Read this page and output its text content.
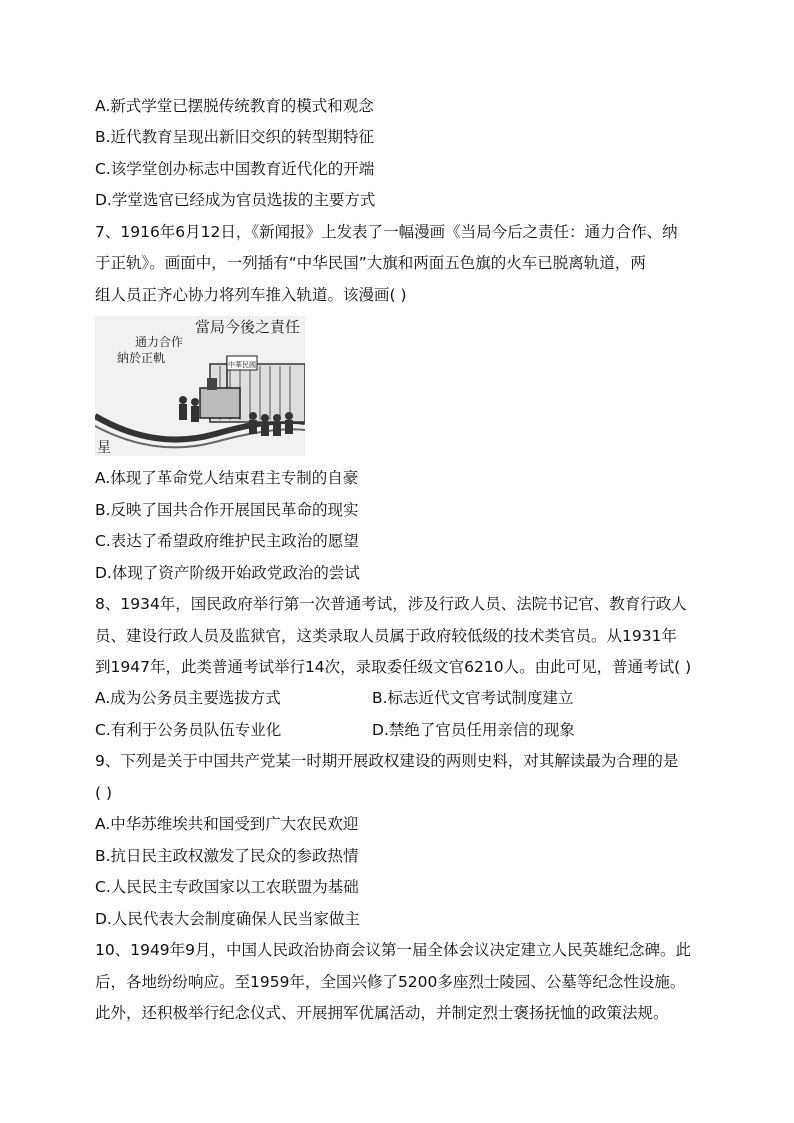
A.新式学堂已摆脱传统教育的模式和观念
B.近代教育呈现出新旧交织的转型期特征
C.该学堂创办标志中国教育近代化的开端
D.学堂选官已经成为官员选拔的主要方式
7、1916年6月12日，《新闻报》上发表了一幅漫画《当局今后之责任：通力合作、纳
于正轨》。画面中，一列插有“中华民国”大旗和两面五色旗的火车已脱离轨道，两
组人员正齐心协力将列车推入轨道。该漫画( )
當局今後之責任
通力合作
納於正軌	中華民國
星
A.体现了革命党人结束君主专制的自豪
B.反映了国共合作开展国民革命的现实
C.表达了希望政府维护民主政治的愿望
D.体现了资产阶级开始政党政治的尝试
8、1934年，国民政府举行第一次普通考试，涉及行政人员、法院书记官、教育行政人
员、建设行政人员及监狱官，这类录取人员属于政府较低级的技术类官员。从1931年
到1947年，此类普通考试举行14次，录取委任级文官6210人。由此可见，普通考试( )
A.成为公务员主要选拔方式	B.标志近代文官考试制度建立
C.有利于公务员队伍专业化	D.禁绝了官员任用亲信的现象
9、下列是关于中国共产党某一时期开展政权建设的两则史料，对其解读最为合理的是
( )
A.中华苏维埃共和国受到广大农民欢迎
B.抗日民主政权激发了民众的参政热情
C.人民民主专政国家以工农联盟为基础
D.人民代表大会制度确保人民当家做主
10、1949年9月，中国人民政治协商会议第一届全体会议决定建立人民英雄纪念碑。此
后，各地纷纷响应。至1959年，全国兴修了5200多座烈士陵园、公墓等纪念性设施。
此外，还积极举行纪念仪式、开展拥军优属活动，并制定烈士褒扬抚恤的政策法规。
